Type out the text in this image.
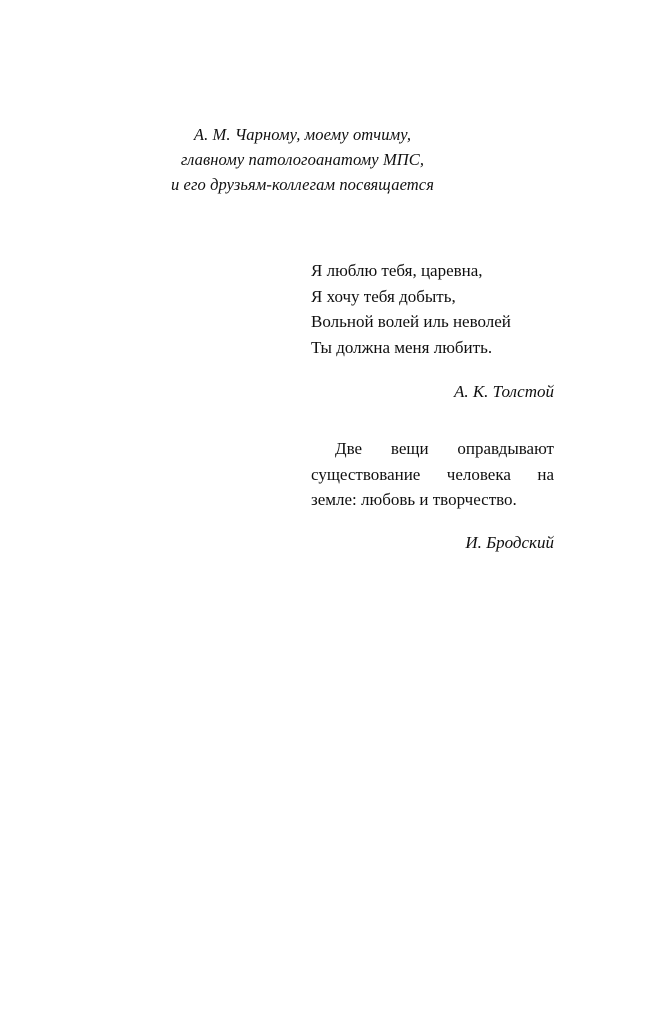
А. М. Чарному, моему отчиму,
главному патологоанатому МПС,
и его друзьям-коллегам посвящается
Я люблю тебя, царевна,
Я хочу тебя добыть,
Вольной волей иль неволей
Ты должна меня любить.
А. К. Толстой
Две вещи оправдывают существование человека на земле: любовь и творчество.
И. Бродский
